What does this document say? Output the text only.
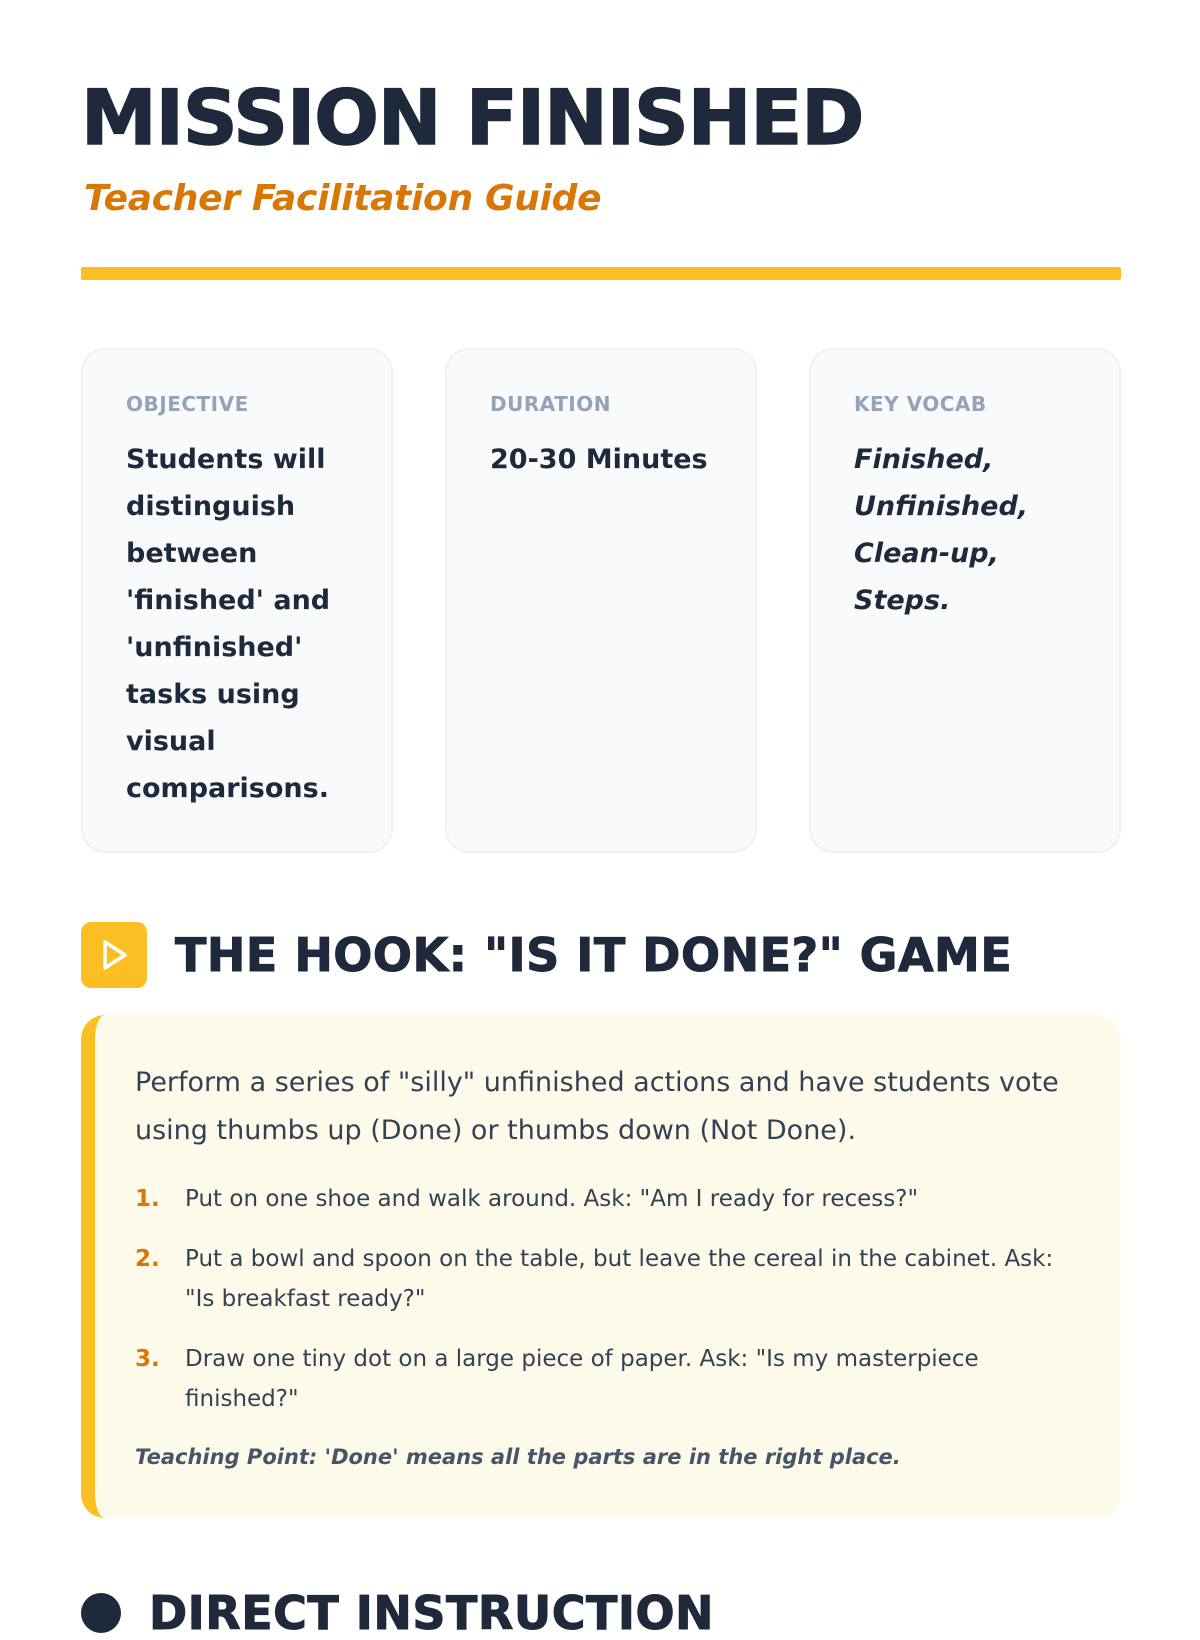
MISSION FINISHED
Teacher Facilitation Guide
OBJECTIVE
Students will distinguish between 'finished' and 'unfinished' tasks using visual comparisons.
DURATION
20-30 Minutes
KEY VOCAB
Finished, Unfinished, Clean-up, Steps.
THE HOOK: "IS IT DONE?" GAME

Perform a series of "silly" unfinished actions and have students vote using thumbs up (Done) or thumbs down (Not Done).

1.	Put on one shoe and walk around. Ask: "Am I ready for recess?"
2.	Put a bowl and spoon on the table, but leave the cereal in the cabinet. Ask: "Is breakfast ready?"
3.	Draw one tiny dot on a large piece of paper. Ask: "Is my masterpiece finished?"

Teaching Point: 'Done' means all the parts are in the right place.

DIRECT INSTRUCTION
